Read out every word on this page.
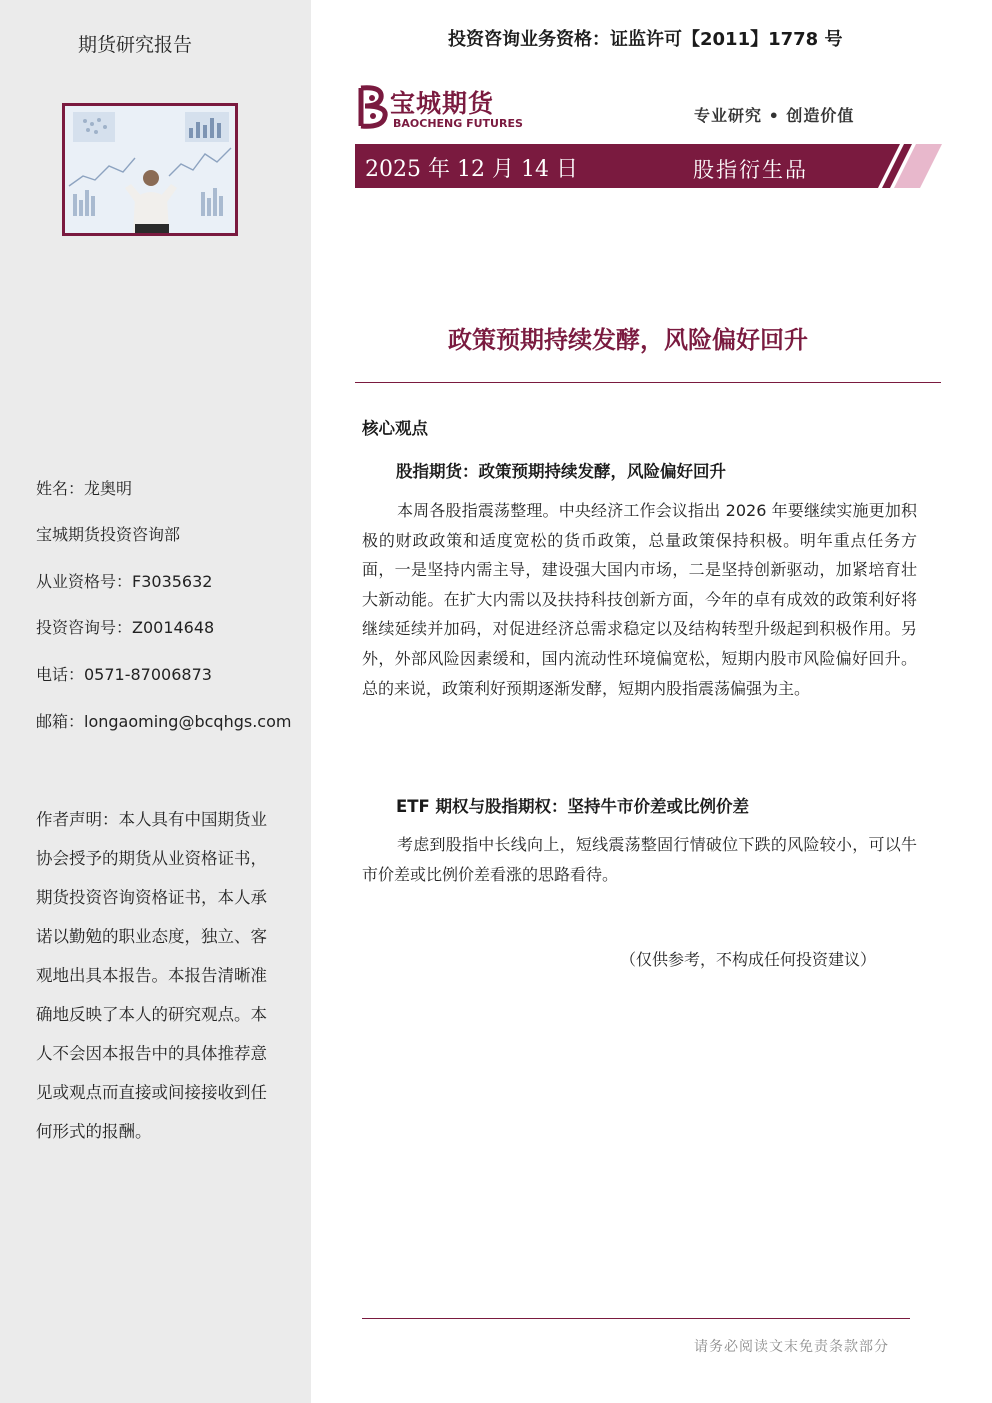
期货研究报告
姓名：龙奥明
宝城期货投资咨询部
从业资格号：F3035632
投资咨询号：Z0014648
电话：0571-87006873
邮箱：longaoming@bcqhgs.com
作者声明：本人具有中国期货业协会授予的期货从业资格证书，期货投资咨询资格证书，本人承诺以勤勉的职业态度，独立、客观地出具本报告。本报告清晰准确地反映了本人的研究观点。本人不会因本报告中的具体推荐意见或观点而直接或间接接收到任何形式的报酬。
投资咨询业务资格：证监许可【2011】1778 号
宝城期货
BAOCHENG FUTURES	专业研究 • 创造价值
2025 年 12 月 14 日	股指衍生品
政策预期持续发酵，风险偏好回升
核心观点
股指期货：政策预期持续发酵，风险偏好回升

本周各股指震荡整理。中央经济工作会议指出 2026 年要继续实施更加积极的财政政策和适度宽松的货币政策，总量政策保持积极。明年重点任务方面，一是坚持内需主导，建设强大国内市场，二是坚持创新驱动，加紧培育壮大新动能。在扩大内需以及扶持科技创新方面，今年的卓有成效的政策利好将继续延续并加码，对促进经济总需求稳定以及结构转型升级起到积极作用。另外，外部风险因素缓和，国内流动性环境偏宽松，短期内股市风险偏好回升。总的来说，政策利好预期逐渐发酵，短期内股指震荡偏强为主。

ETF 期权与股指期权：坚持牛市价差或比例价差

考虑到股指中长线向上，短线震荡整固行情破位下跌的风险较小，可以牛市价差或比例价差看涨的思路看待。

（仅供参考，不构成任何投资建议）
请务必阅读文末免责条款部分
